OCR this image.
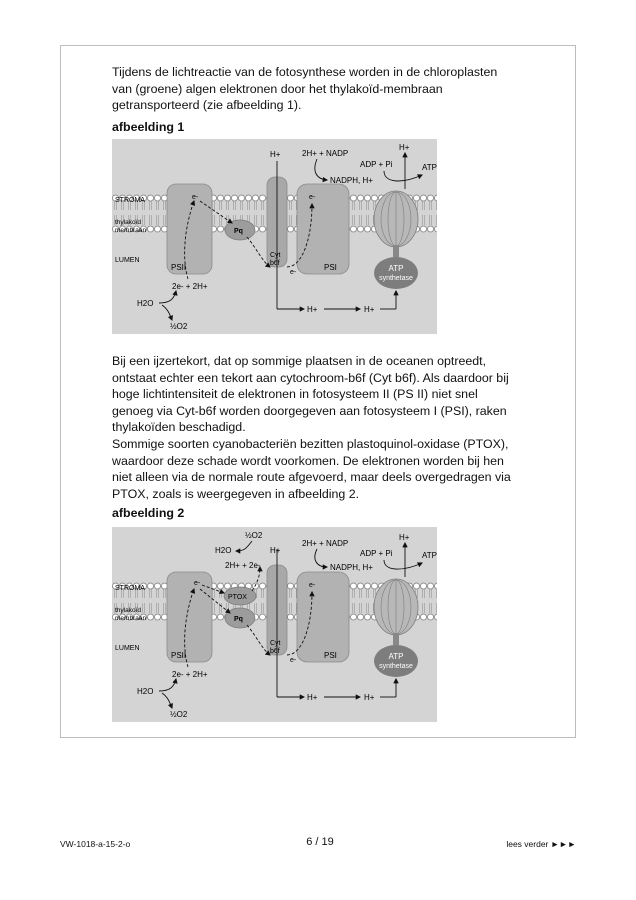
Tijdens de lichtreactie van de fotosynthese worden in de chloroplasten
van (groene) algen elektronen door het thylakoïd-membraan
getransporteerd (zie afbeelding 1).

afbeelding 1

STROMA
thylakoïd
membraan
LUMEN
PSII
Cyt
b6f
Pq
PSI	ATP
synthetase
e-	e-
e-
H+
H+	H+
2e- + 2H+
H2O
½O2
2H+ + NADP
NADPH, H+
H+
ADP + Pi	ATP

Bij een ijzertekort, dat op sommige plaatsen in de oceanen optreedt,
ontstaat echter een tekort aan cytochroom-b6f (Cyt b6f). Als daardoor bij
hoge lichtintensiteit de elektronen in fotosysteem II (PS II) niet snel
genoeg via Cyt-b6f worden doorgegeven aan fotosysteem I (PSI), raken
thylakoïden beschadigd.
Sommige soorten cyanobacteriën bezitten plastoquinol-oxidase (PTOX),
waardoor deze schade wordt voorkomen. De elektronen worden bij hen
niet alleen via de normale route afgevoerd, maar deels overgedragen via
PTOX, zoals is weergegeven in afbeelding 2.

afbeelding 2

STROMA
thylakoïd
membraan
LUMEN
PSII
Cyt
b6f
PTOX
Pq
PSI	ATP
synthetase
e-	e-
e-
½O2
H2O
2H+ + 2e-
H+
H+	H+
2e- + 2H+
H2O
½O2
2H+ + NADP
NADPH, H+
H+
ADP + Pi	ATP
VW-1018-a-15-2-o	6 / 19	lees verder ►►►
